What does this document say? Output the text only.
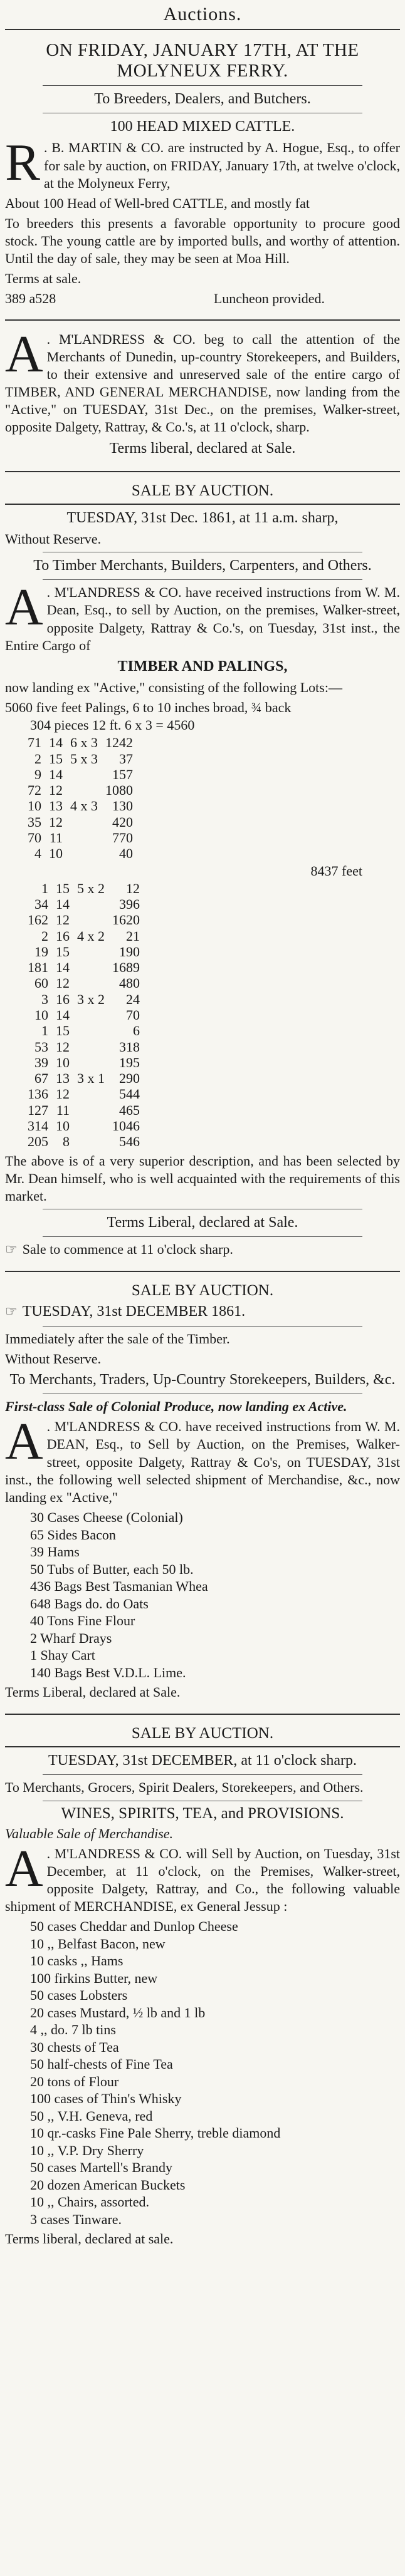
Auctions.
ON FRIDAY, JANUARY 17TH, AT THE MOLYNEUX FERRY.
To Breeders, Dealers, and Butchers.
100 HEAD MIXED CATTLE.
R . B. MARTIN & CO. are instructed by A. Hogue, Esq., to offer for sale by auction, on FRIDAY, January 17th, at twelve o'clock, at the Molyneux Ferry,
About 100 Head of Well-bred CATTLE, and mostly fat
To breeders this presents a favorable opportunity to procure good stock. The young cattle are by imported bulls, and worthy of attention. Until the day of sale, they may be seen at Moa Hill.
Terms at sale.
389 a528	Luncheon provided.
A . M'LANDRESS & CO. beg to call the attention of the Merchants of Dunedin, up-country Storekeepers, and Builders, to their extensive and unreserved sale of the entire cargo of TIMBER, AND GENERAL MERCHANDISE, now landing from the "Active," on TUESDAY, 31st Dec., on the premises, Walker-street, opposite Dalgety, Rattray, & Co.'s, at 11 o'clock, sharp.
Terms liberal, declared at Sale.
SALE BY AUCTION.
TUESDAY, 31st Dec. 1861, at 11 a.m. sharp,
Without Reserve.
To Timber Merchants, Builders, Carpenters, and Others.
A . M'LANDRESS & CO. have received instructions from W. M. Dean, Esq., to sell by Auction, on the premises, Walker-street, opposite Dalgety, Rattray & Co.'s, on Tuesday, 31st inst., the Entire Cargo of
TIMBER AND PALINGS,
now landing ex "Active," consisting of the following Lots:—
5060 five feet Palings, 6 to 10 inches broad, ¾ back
304 pieces 12 ft. 6 x 3 = 4560
71	14	6 x 3	1242
2	15	5 x 3	37
9	14		157
72	12		1080
10	13	4 x 3	130
35	12		420
70	11		770
4	10		40
8437 feet
1	15	5 x 2	12
34	14		396
162	12		1620
2	16	4 x 2	21
19	15		190
181	14		1689
60	12		480
3	16	3 x 2	24
10	14		70
1	15		6
53	12		318
39	10		195
67	13	3 x 1	290
136	12		544
127	11		465
314	10		1046
205	8		546
The above is of a very superior description, and has been selected by Mr. Dean himself, who is well acquainted with the requirements of this market.
Terms Liberal, declared at Sale.
☞ Sale to commence at 11 o'clock sharp.
SALE BY AUCTION.
☞ TUESDAY, 31st DECEMBER 1861.
Immediately after the sale of the Timber.
Without Reserve.
To Merchants, Traders, Up-Country Storekeepers, Builders, &c.
First-class Sale of Colonial Produce, now landing ex Active.
A . M'LANDRESS & CO. have received instructions from W. M. DEAN, Esq., to Sell by Auction, on the Premises, Walker-street, opposite Dalgety, Rattray & Co's, on TUESDAY, 31st inst., the following well selected shipment of Merchandise, &c., now landing ex "Active,"
30 Cases Cheese (Colonial)
65 Sides Bacon
39 Hams
50 Tubs of Butter, each 50 lb.
436 Bags Best Tasmanian Whea
648 Bags do. do Oats
40 Tons Fine Flour
2 Wharf Drays
1 Shay Cart
140 Bags Best V.D.L. Lime.
Terms Liberal, declared at Sale.
SALE BY AUCTION.
TUESDAY, 31st DECEMBER, at 11 o'clock sharp.
To Merchants, Grocers, Spirit Dealers, Storekeepers, and Others.
WINES, SPIRITS, TEA, and PROVISIONS.
Valuable Sale of Merchandise.
A . M'LANDRESS & CO. will Sell by Auction, on Tuesday, 31st December, at 11 o'clock, on the Premises, Walker-street, opposite Dalgety, Rattray, and Co., the following valuable shipment of MERCHANDISE, ex General Jessup :
50 cases Cheddar and Dunlop Cheese
10 ,, Belfast Bacon, new
10 casks ,, Hams
100 firkins Butter, new
50 cases Lobsters
20 cases Mustard, ½ lb and 1 lb
4 ,, do. 7 lb tins
30 chests of Tea
50 half-chests of Fine Tea
20 tons of Flour
100 cases of Thin's Whisky
50 ,, V.H. Geneva, red
10 qr.-casks Fine Pale Sherry, treble diamond
10 ,, V.P. Dry Sherry
50 cases Martell's Brandy
20 dozen American Buckets
10 ,, Chairs, assorted.
3 cases Tinware.
Terms liberal, declared at sale.
